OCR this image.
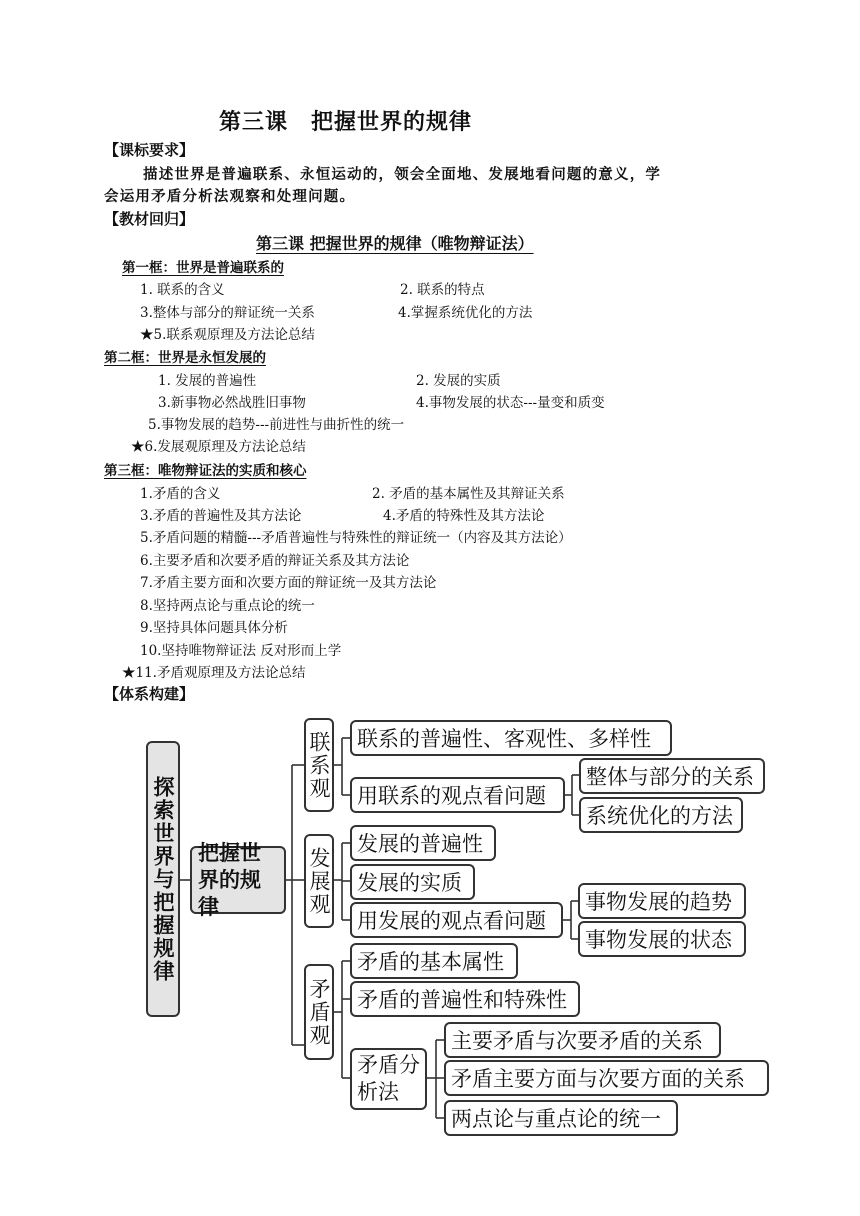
第三课　把握世界的规律
【课标要求】
描述世界是普遍联系、永恒运动的，领会全面地、发展地看问题的意义，学
会运用矛盾分析法观察和处理问题。
【教材回归】
第三课 把握世界的规律（唯物辩证法）
第一框：世界是普遍联系的
1. 联系的含义	2. 联系的特点
3.整体与部分的辩证统一关系	4.掌握系统优化的方法
★5.联系观原理及方法论总结
第二框：世界是永恒发展的
1. 发展的普遍性	2. 发展的实质
3.新事物必然战胜旧事物	4.事物发展的状态---量变和质变
5.事物发展的趋势---前进性与曲折性的统一
★6.发展观原理及方法论总结
第三框：唯物辩证法的实质和核心
1.矛盾的含义	2. 矛盾的基本属性及其辩证关系
3.矛盾的普遍性及其方法论	4.矛盾的特殊性及其方法论
5.矛盾问题的精髓---矛盾普遍性与特殊性的辩证统一（内容及其方法论）
6.主要矛盾和次要矛盾的辩证关系及其方法论
7.矛盾主要方面和次要方面的辩证统一及其方法论
8.坚持两点论与重点论的统一
9.坚持具体问题具体分析
10.坚持唯物辩证法 反对形而上学
★11.矛盾观原理及方法论总结
【体系构建】
探索世界与把握规律	把握世界的规律
联系观	联系的普遍性、客观性、多样性
用联系的观点看问题
整体与部分的关系
系统优化的方法
发展观
发展的普遍性
发展的实质
用发展的观点看问题
事物发展的趋势
事物发展的状态
矛盾观
矛盾的基本属性
矛盾的普遍性和特殊性
矛盾分析法
主要矛盾与次要矛盾的关系
矛盾主要方面与次要方面的关系
两点论与重点论的统一
